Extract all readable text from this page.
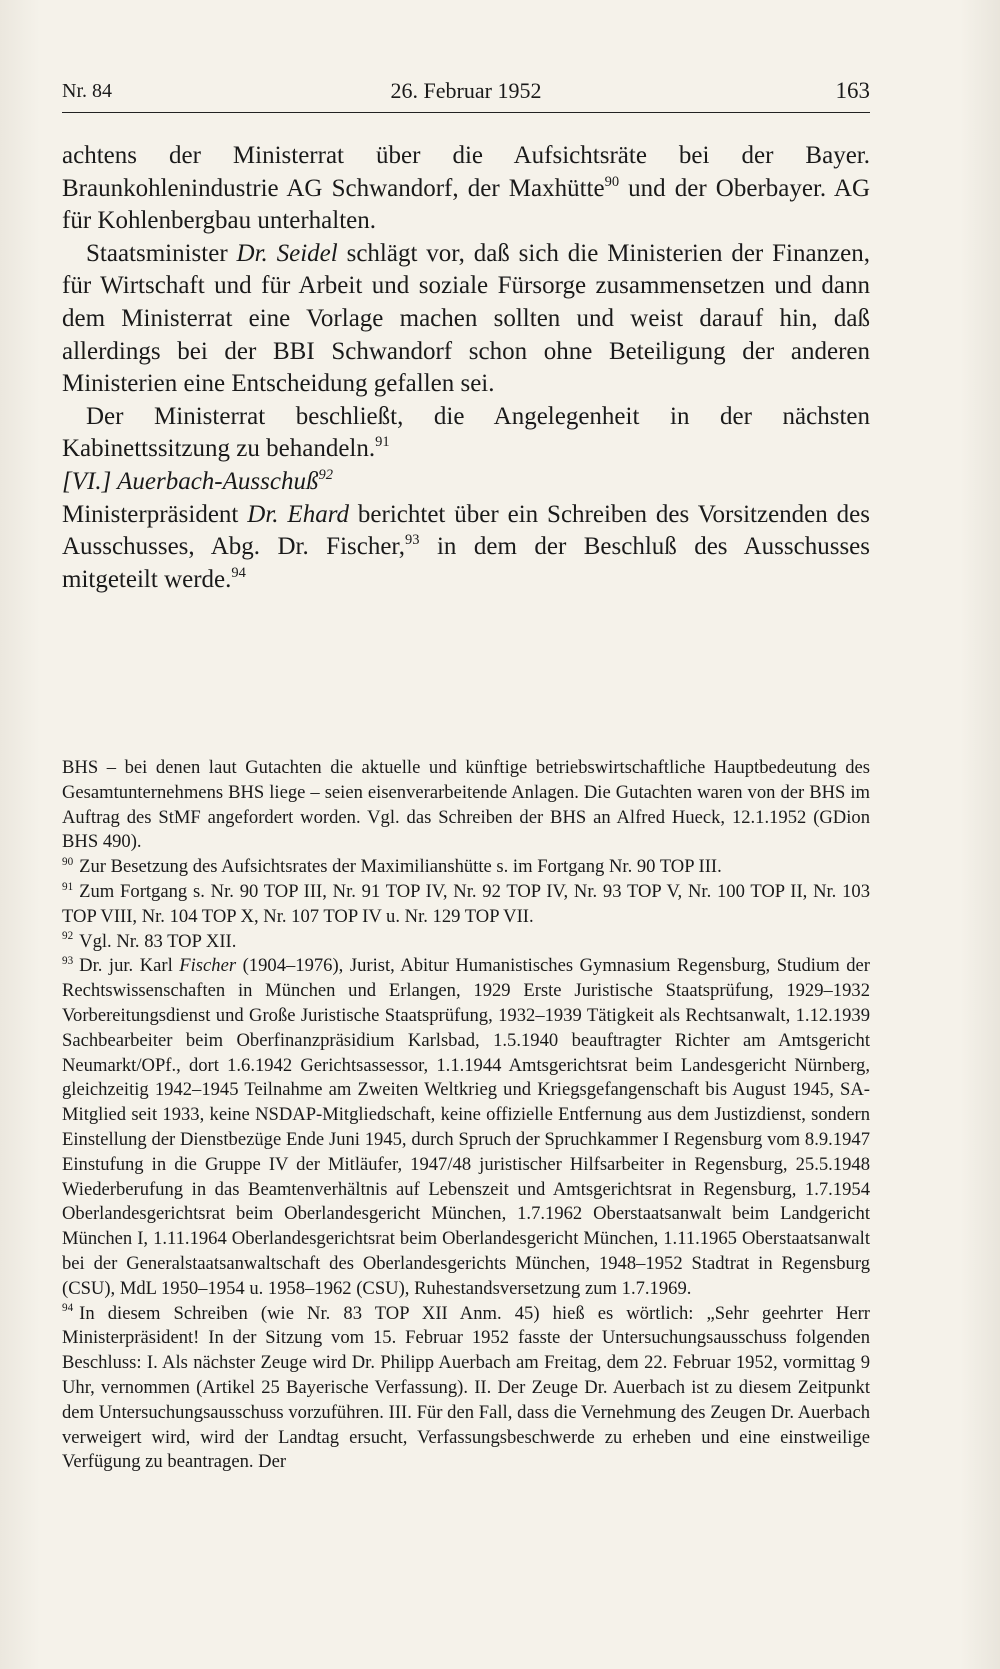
Nr. 84	26. Februar 1952	163

achtens der Ministerrat über die Aufsichtsräte bei der Bayer. Braunkohlenindustrie AG Schwandorf, der Maxhütte$^{90}$ und der Oberbayer. AG für Kohlenbergbau unterhalten.

Staatsminister Dr. Seidel schlägt vor, daß sich die Ministerien der Finanzen, für Wirtschaft und für Arbeit und soziale Fürsorge zusammensetzen und dann dem Ministerrat eine Vorlage machen sollten und weist darauf hin, daß allerdings bei der BBI Schwandorf schon ohne Beteiligung der anderen Ministerien eine Entscheidung gefallen sei.

Der Ministerrat beschließt, die Angelegenheit in der nächsten Kabinettssitzung zu behandeln.$^{91}$

[VI.] Auerbach-Ausschuß$^{92}$

Ministerpräsident Dr. Ehard berichtet über ein Schreiben des Vorsitzenden des Ausschusses, Abg. Dr. Fischer,$^{93}$ in dem der Beschluß des Ausschusses mitgeteilt werde.$^{94}$

BHS – bei denen laut Gutachten die aktuelle und künftige betriebswirtschaftliche Hauptbedeutung des Gesamtunternehmens BHS liege – seien eisenverarbeitende Anlagen. Die Gutachten waren von der BHS im Auftrag des StMF angefordert worden. Vgl. das Schreiben der BHS an Alfred Hueck, 12.1.1952 (GDion BHS 490).
$^{90}$ Zur Besetzung des Aufsichtsrates der Maximilianshütte s. im Fortgang Nr. 90 TOP III.
$^{91}$ Zum Fortgang s. Nr. 90 TOP III, Nr. 91 TOP IV, Nr. 92 TOP IV, Nr. 93 TOP V, Nr. 100 TOP II, Nr. 103 TOP VIII, Nr. 104 TOP X, Nr. 107 TOP IV u. Nr. 129 TOP VII.
$^{92}$ Vgl. Nr. 83 TOP XII.
$^{93}$ Dr. jur. Karl Fischer (1904–1976), Jurist, Abitur Humanistisches Gymnasium Regensburg, Studium der Rechtswissenschaften in München und Erlangen, 1929 Erste Juristische Staatsprüfung, 1929–1932 Vorbereitungsdienst und Große Juristische Staatsprüfung, 1932–1939 Tätigkeit als Rechtsanwalt, 1.12.1939 Sachbearbeiter beim Oberfinanzpräsidium Karlsbad, 1.5.1940 beauftragter Richter am Amtsgericht Neumarkt/OPf., dort 1.6.1942 Gerichtsassessor, 1.1.1944 Amtsgerichtsrat beim Landesgericht Nürnberg, gleichzeitig 1942–1945 Teilnahme am Zweiten Weltkrieg und Kriegsgefangenschaft bis August 1945, SA-Mitglied seit 1933, keine NSDAP-Mitgliedschaft, keine offizielle Entfernung aus dem Justizdienst, sondern Einstellung der Dienstbezüge Ende Juni 1945, durch Spruch der Spruchkammer I Regensburg vom 8.9.1947 Einstufung in die Gruppe IV der Mitläufer, 1947/48 juristischer Hilfsarbeiter in Regensburg, 25.5.1948 Wiederberufung in das Beamtenverhältnis auf Lebenszeit und Amtsgerichtsrat in Regensburg, 1.7.1954 Oberlandesgerichtsrat beim Oberlandesgericht München, 1.7.1962 Oberstaatsanwalt beim Landgericht München I, 1.11.1964 Oberlandesgerichtsrat beim Oberlandesgericht München, 1.11.1965 Oberstaatsanwalt bei der Generalstaatsanwaltschaft des Oberlandesgerichts München, 1948–1952 Stadtrat in Regensburg (CSU), MdL 1950–1954 u. 1958–1962 (CSU), Ruhestandsversetzung zum 1.7.1969.
$^{94}$ In diesem Schreiben (wie Nr. 83 TOP XII Anm. 45) hieß es wörtlich: „Sehr geehrter Herr Ministerpräsident! In der Sitzung vom 15. Februar 1952 fasste der Untersuchungsausschuss folgenden Beschluss: I. Als nächster Zeuge wird Dr. Philipp Auerbach am Freitag, dem 22. Februar 1952, vormittag 9 Uhr, vernommen (Artikel 25 Bayerische Verfassung). II. Der Zeuge Dr. Auerbach ist zu diesem Zeitpunkt dem Untersuchungsausschuss vorzuführen. III. Für den Fall, dass die Vernehmung des Zeugen Dr. Auerbach verweigert wird, wird der Landtag ersucht, Verfassungsbeschwerde zu erheben und eine einstweilige Verfügung zu beantragen. Der
